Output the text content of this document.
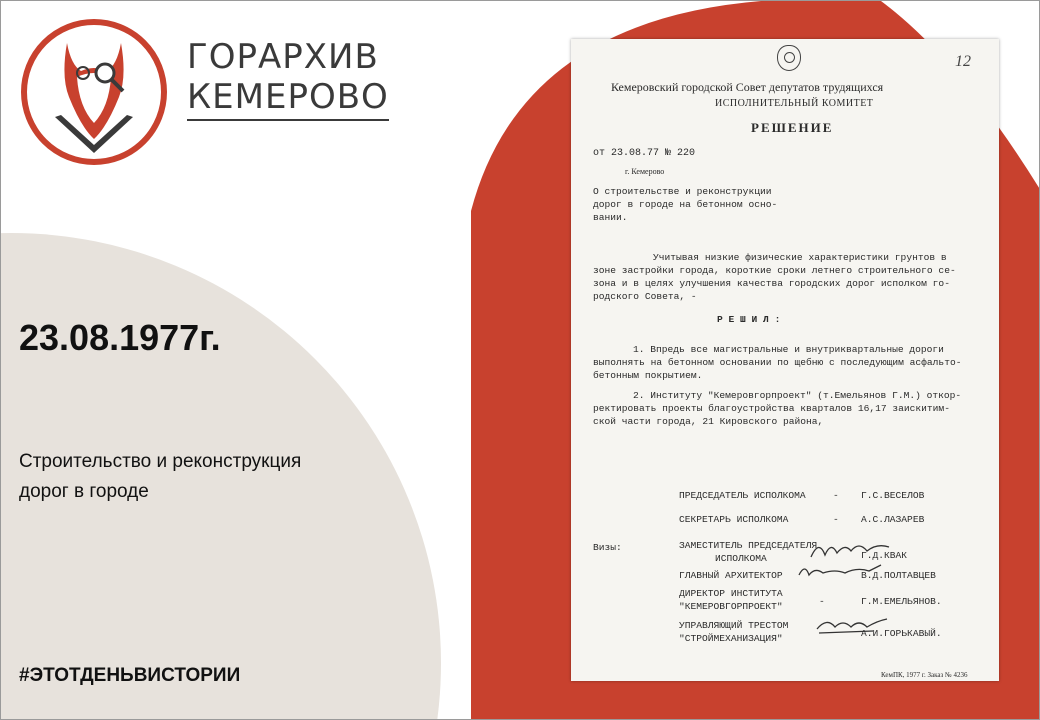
ГОРАРХИВ
КЕМЕРОВО
23.08.1977г.
Строительство и реконструкция
дорог в городе
#ЭТОТДЕНЬВИСТОРИИ
12
Кемеровский городской Совет депутатов трудящихся
ИСПОЛНИТЕЛЬНЫЙ КОМИТЕТ
РЕШЕНИЕ
от 23.08.77 № 220
г. Кемерово
О строительстве и реконструкции
дорог в городе на бетонном осно-
вании.
Учитывая низкие физические характеристики грунтов в
зоне застройки города, короткие сроки летнего строительного се-
зона и в целях улучшения качества городских дорог исполком го-
родского Совета, -
Р Е Ш И Л :
1. Впредь все магистральные и внутриквартальные дороги
выполнять на бетонном основании по щебню с последующим асфальто-
бетонным покрытием.
2. Институту "Кемеровгорпроект" (т.Емельянов Г.М.) откор-
ректировать проекты благоустройства кварталов 16,17 заискитим-
ской части города, 21 Кировского района,
ПРЕДСЕДАТЕЛЬ ИСПОЛКОМА	- Г.С.ВЕСЕЛОВ
СЕКРЕТАРЬ ИСПОЛКОМА	- А.С.ЛАЗАРЕВ
Визы:	ЗАМЕСТИТЕЛЬ ПРЕДСЕДАТЕЛЯ
ИСПОЛКОМА	Г.Д.КВАК
ГЛАВНЫЙ АРХИТЕКТОР	В.Д.ПОЛТАВЦЕВ
ДИРЕКТОР ИНСТИТУТА
"КЕМЕРОВГОРПРОЕКТ"	-	Г.М.ЕМЕЛЬЯНОВ.
УПРАВЛЯЮЩИЙ ТРЕСТОМ
"СТРОЙМЕХАНИЗАЦИЯ"	А.И.ГОРЬКАВЫЙ.
КемПК, 1977 г. Заказ № 4236
